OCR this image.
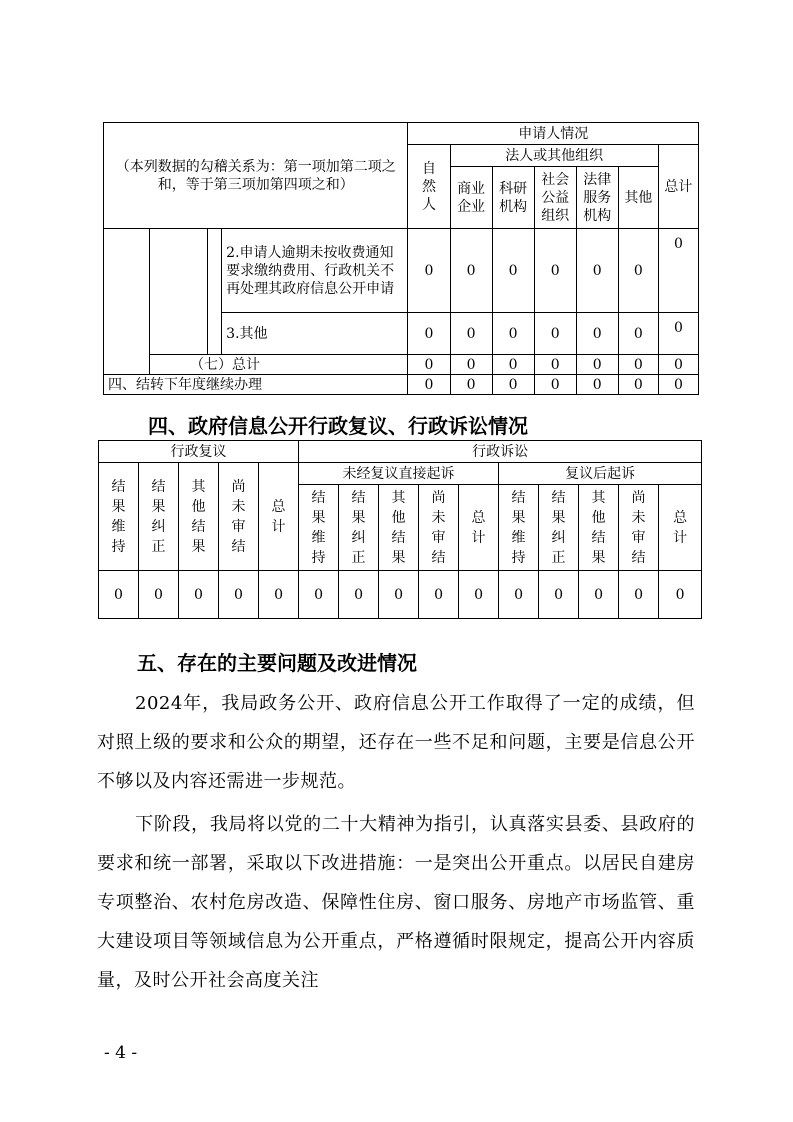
（本列数据的勾稽关系为：第一项加第二项之和，等于第三项加第四项之和）				申请人情况						
				自然人	法人或其他组织					总计
					商业企业	科研机构	社会公益组织	法律服务机构	其他	
			2.申请人逾期未按收费通知要求缴纳费用、行政机关不再处理其政府信息公开申请	0	0	0	0	0	0	0
			3.其他	0	0	0	0	0	0	0
	（七）总计			0	0	0	0	0	0	0
四、结转下年度继续办理				0	0	0	0	0	0	0
四、政府信息公开行政复议、行政诉讼情况
行政复议					行政诉讼									
结果维持	结果纠正	其他结果	尚未审结	总计	未经复议直接起诉					复议后起诉				
					结果维持	结果纠正	其他结果	尚未审结	总计	结果维持	结果纠正	其他结果	尚未审结	总计
0	0	0	0	0	0	0	0	0	0	0	0	0	0	0
五、存在的主要问题及改进情况
2024年，我局政务公开、政府信息公开工作取得了一定的成绩，但对照上级的要求和公众的期望，还存在一些不足和问题，主要是信息公开不够以及内容还需进一步规范。
下阶段，我局将以党的二十大精神为指引，认真落实县委、县政府的要求和统一部署，采取以下改进措施：一是突出公开重点。以居民自建房专项整治、农村危房改造、保障性住房、窗口服务、房地产市场监管、重大建设项目等领域信息为公开重点，严格遵循时限规定，提高公开内容质量，及时公开社会高度关注
- 4 -
